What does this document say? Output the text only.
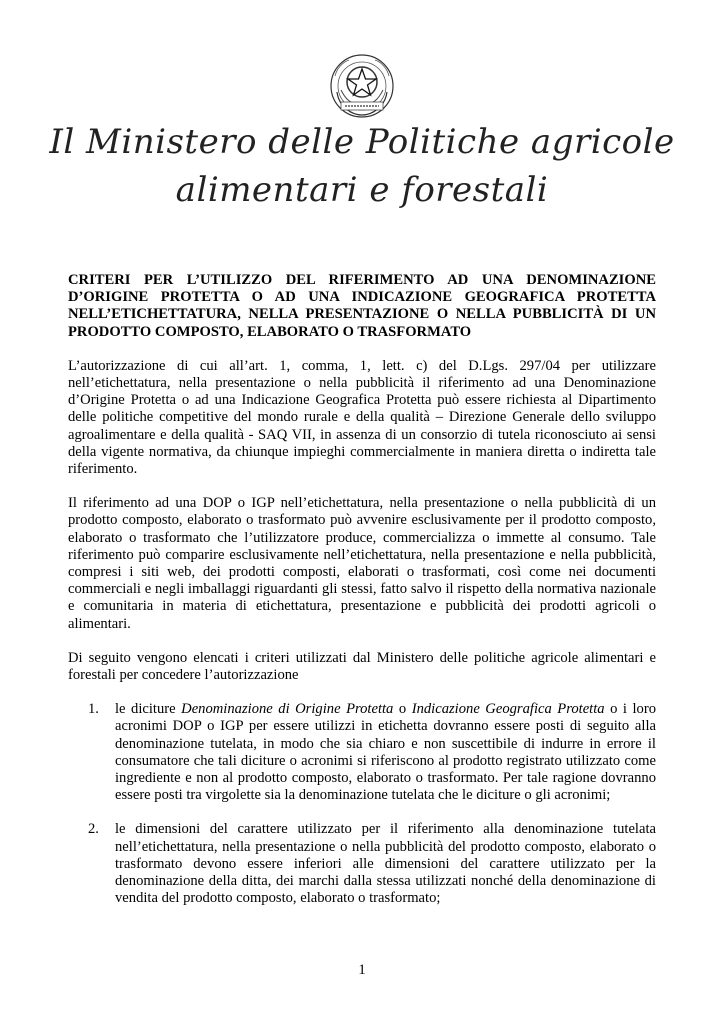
Il Ministero delle Politiche agricole
alimentari e forestali
CRITERI PER L’UTILIZZO DEL RIFERIMENTO AD UNA DENOMINAZIONE D’ORIGINE PROTETTA O AD UNA INDICAZIONE GEOGRAFICA PROTETTA NELL’ETICHETTATURA, NELLA PRESENTAZIONE O NELLA PUBBLICITÀ DI UN PRODOTTO COMPOSTO, ELABORATO O TRASFORMATO

L’autorizzazione di cui all’art. 1, comma, 1, lett. c) del D.Lgs. 297/04 per utilizzare nell’etichettatura, nella presentazione o nella pubblicità il riferimento ad una Denominazione d’Origine Protetta o ad una Indicazione Geografica Protetta può essere richiesta al Dipartimento delle politiche competitive del mondo rurale e della qualità – Direzione Generale dello sviluppo agroalimentare e della qualità - SAQ VII, in assenza di un consorzio di tutela riconosciuto ai sensi della vigente normativa, da chiunque impieghi commercialmente in maniera diretta o indiretta tale riferimento.

Il riferimento ad una DOP o IGP nell’etichettatura, nella presentazione o nella pubblicità di un prodotto composto, elaborato o trasformato può avvenire esclusivamente per il prodotto composto, elaborato o trasformato che l’utilizzatore produce, commercializza o immette al consumo. Tale riferimento può comparire esclusivamente nell’etichettatura, nella presentazione e nella pubblicità, compresi i siti web, dei prodotti composti, elaborati o trasformati, così come nei documenti commerciali e negli imballaggi riguardanti gli stessi, fatto salvo il rispetto della normativa nazionale e comunitaria in materia di etichettatura, presentazione e pubblicità dei prodotti agricoli o alimentari.

Di seguito vengono elencati i criteri utilizzati dal Ministero delle politiche agricole alimentari e forestali per concedere l’autorizzazione

1. le diciture Denominazione di Origine Protetta o Indicazione Geografica Protetta o i loro acronimi DOP o IGP per essere utilizzi in etichetta dovranno essere posti di seguito alla denominazione tutelata, in modo che sia chiaro e non suscettibile di indurre in errore il consumatore che tali diciture o acronimi si riferiscono al prodotto registrato utilizzato come ingrediente e non al prodotto composto, elaborato o trasformato. Per tale ragione dovranno essere posti tra virgolette sia la denominazione tutelata che le diciture o gli acronimi;
2. le dimensioni del carattere utilizzato per il riferimento alla denominazione tutelata nell’etichettatura, nella presentazione o nella pubblicità del prodotto composto, elaborato o trasformato devono essere inferiori alle dimensioni del carattere utilizzato per la denominazione della ditta, dei marchi dalla stessa utilizzati nonché della denominazione di vendita del prodotto composto, elaborato o trasformato;
1
